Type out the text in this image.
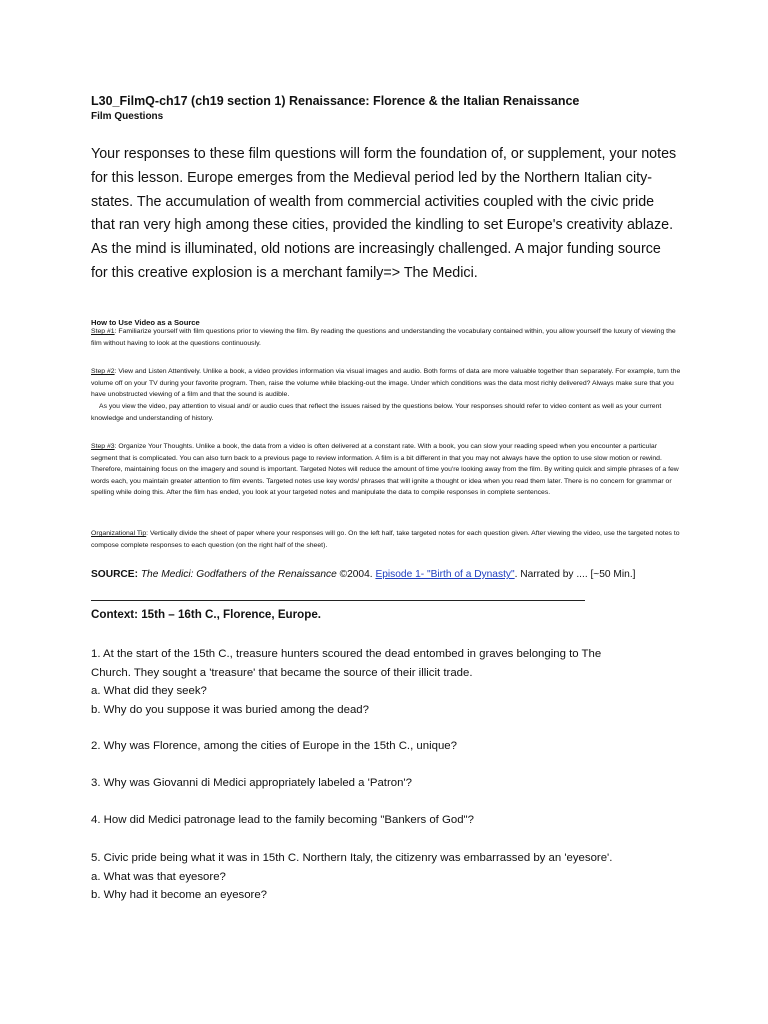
L30_FilmQ-ch17 (ch19 section 1) Renaissance: Florence & the Italian Renaissance
Film Questions
Your responses to these film questions will form the foundation of, or supplement, your notes for this lesson. Europe emerges from the Medieval period led by the Northern Italian city-states. The accumulation of wealth from commercial activities coupled with the civic pride that ran very high among these cities, provided the kindling to set Europe's creativity ablaze. As the mind is illuminated, old notions are increasingly challenged. A major funding source for this creative explosion is a merchant family=> The Medici.
How to Use Video as a Source
Step #1: Familiarize yourself with film questions prior to viewing the film. By reading the questions and understanding the vocabulary contained within, you allow yourself the luxury of viewing the film without having to look at the questions continuously.
Step #2: View and Listen Attentively. Unlike a book, a video provides information via visual images and audio. Both forms of data are more valuable together than separately. For example, turn the volume off on your TV during your favorite program. Then, raise the volume while blacking-out the image. Under which conditions was the data most richly delivered? Always make sure that you have unobstructed viewing of a film and that the sound is audible.
As you view the video, pay attention to visual and/ or audio cues that reflect the issues raised by the questions below. Your responses should refer to video content as well as your current knowledge and understanding of history.
Step #3: Organize Your Thoughts. Unlike a book, the data from a video is often delivered at a constant rate. With a book, you can slow your reading speed when you encounter a particular segment that is complicated. You can also turn back to a previous page to review information. A film is a bit different in that you may not always have the option to use slow motion or rewind. Therefore, maintaining focus on the imagery and sound is important. Targeted Notes will reduce the amount of time you're looking away from the film. By writing quick and simple phrases of a few words each, you maintain greater attention to film events. Targeted notes use key words/ phrases that will ignite a thought or idea when you read them later. There is no concern for grammar or spelling while doing this. After the film has ended, you look at your targeted notes and manipulate the data to compile responses in complete sentences.
Organizational Tip: Vertically divide the sheet of paper where your responses will go. On the left half, take targeted notes for each question given. After viewing the video, use the targeted notes to compose complete responses to each question (on the right half of the sheet).
SOURCE: The Medici: Godfathers of the Renaissance ©2004. Episode 1- "Birth of a Dynasty". Narrated by .... [~50 Min.]
Context: 15th – 16th C., Florence, Europe.
1. At the start of the 15th C., treasure hunters scoured the dead entombed in graves belonging to The
Church. They sought a 'treasure' that became the source of their illicit trade.
a. What did they seek?
b. Why do you suppose it was buried among the dead?
2. Why was Florence, among the cities of Europe in the 15th C., unique?
3. Why was Giovanni di Medici appropriately labeled a 'Patron'?
4. How did Medici patronage lead to the family becoming "Bankers of God"?
5. Civic pride being what it was in 15th C. Northern Italy, the citizenry was embarrassed by an 'eyesore'.
a. What was that eyesore?
b. Why had it become an eyesore?
